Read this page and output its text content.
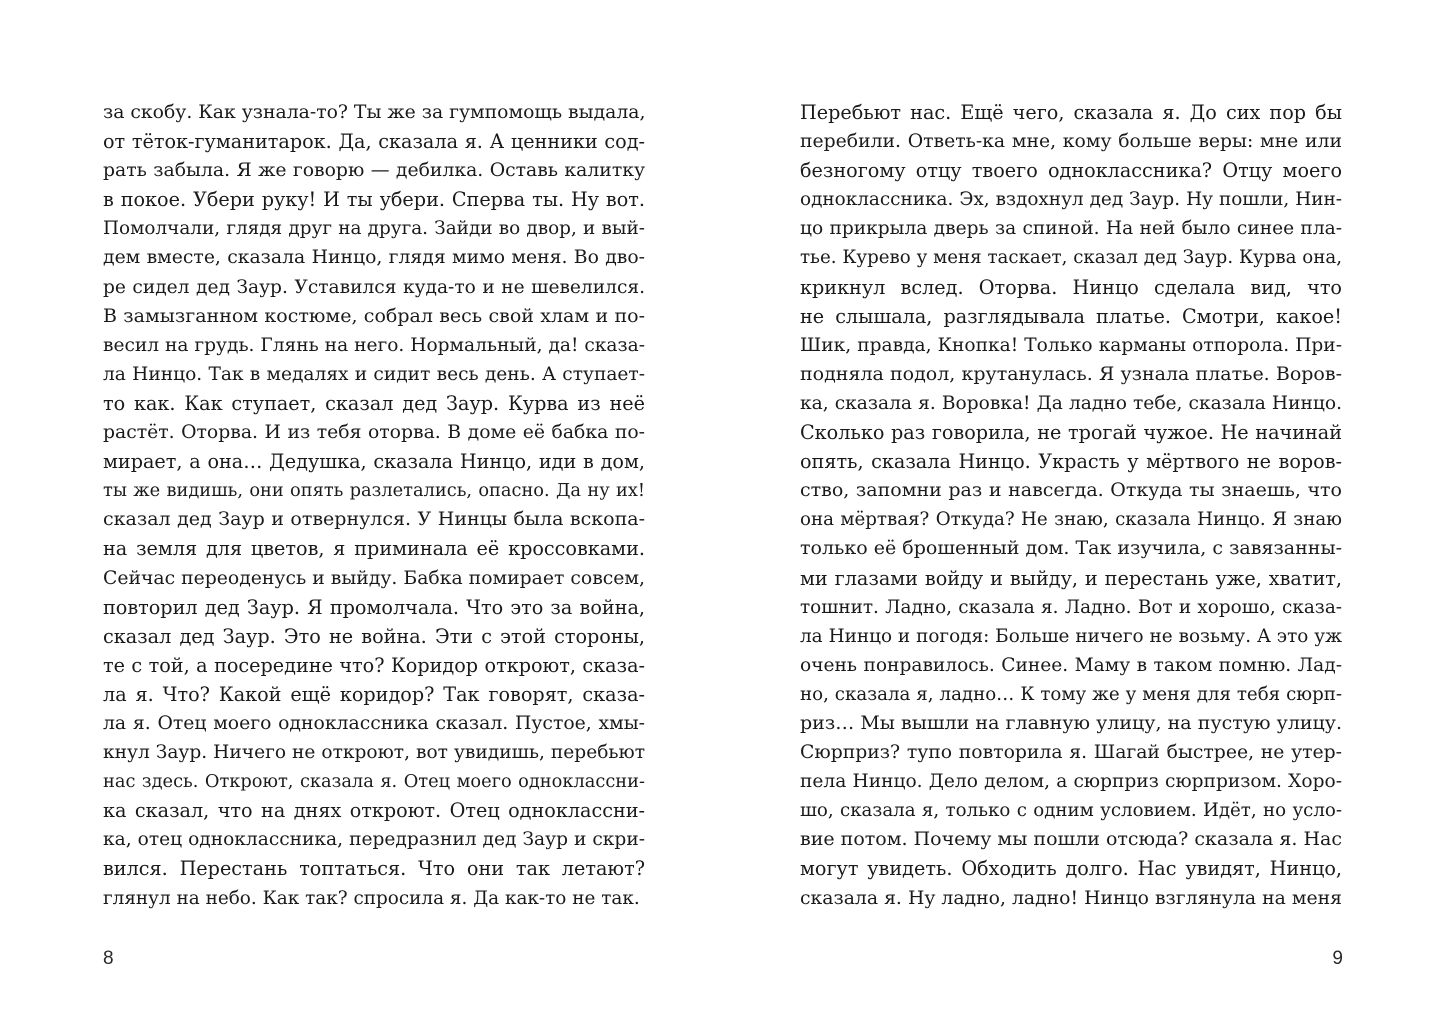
за скобу. Как узнала-то? Ты же за гумпомощь выдала,
от тёток-гуманитарок. Да, сказала я. А ценники сод-
рать забыла. Я же говорю — дебилка. Оставь калитку
в покое. Убери руку! И ты убери. Сперва ты. Ну вот.
Помолчали, глядя друг на друга. Зайди во двор, и вый-
дем вместе, сказала Нинцо, глядя мимо меня. Во дво-
ре сидел дед Заур. Уставился куда-то и не шевелился.
В замызганном костюме, собрал весь свой хлам и по-
весил на грудь. Глянь на него. Нормальный, да! сказа-
ла Нинцо. Так в медалях и сидит весь день. А ступает-
то как. Как ступает, сказал дед Заур. Курва из неё
растёт. Оторва. И из тебя оторва. В доме её бабка по-
мирает, а она… Дедушка, сказала Нинцо, иди в дом,
ты же видишь, они опять разлетались, опасно. Да ну их!
сказал дед Заур и отвернулся. У Нинцы была вскопа-
на земля для цветов, я приминала её кроссовками.
Сейчас переоденусь и выйду. Бабка помирает совсем,
повторил дед Заур. Я промолчала. Что это за война,
сказал дед Заур. Это не война. Эти с этой стороны,
те с той, а посередине что? Коридор откроют, сказа-
ла я. Что? Какой ещё коридор? Так говорят, сказа-
ла я. Отец моего одноклассника сказал. Пустое, хмы-
кнул Заур. Ничего не откроют, вот увидишь, перебьют
нас здесь. Откроют, сказала я. Отец моего одноклассни-
ка сказал, что на днях откроют. Отец одноклассни-
ка, отец одноклассника, передразнил дед Заур и скри-
вился. Перестань топтаться. Что они так летают?
глянул на небо. Как так? спросила я. Да как-то не так.
8
Перебьют нас. Ещё чего, сказала я. До сих пор бы
перебили. Ответь-ка мне, кому больше веры: мне или
безногому отцу твоего одноклассника? Отцу моего
одноклассника. Эх, вздохнул дед Заур. Ну пошли, Нин-
цо прикрыла дверь за спиной. На ней было синее пла-
тье. Курево у меня таскает, сказал дед Заур. Курва она,
крикнул вслед. Оторва. Нинцо сделала вид, что
не слышала, разглядывала платье. Смотри, какое!
Шик, правда, Кнопка! Только карманы отпорола. При-
подняла подол, крутанулась. Я узнала платье. Воров-
ка, сказала я. Воровка! Да ладно тебе, сказала Нинцо.
Сколько раз говорила, не трогай чужое. Не начинай
опять, сказала Нинцо. Украсть у мёртвого не воров-
ство, запомни раз и навсегда. Откуда ты знаешь, что
она мёртвая? Откуда? Не знаю, сказала Нинцо. Я знаю
только её брошенный дом. Так изучила, с завязанны-
ми глазами войду и выйду, и перестань уже, хватит,
тошнит. Ладно, сказала я. Ладно. Вот и хорошо, сказа-
ла Нинцо и погодя: Больше ничего не возьму. А это уж
очень понравилось. Синее. Маму в таком помню. Лад-
но, сказала я, ладно… К тому же у меня для тебя сюрп-
риз… Мы вышли на главную улицу, на пустую улицу.
Сюрприз? тупо повторила я. Шагай быстрее, не утер-
пела Нинцо. Дело делом, а сюрприз сюрпризом. Хоро-
шо, сказала я, только с одним условием. Идёт, но усло-
вие потом. Почему мы пошли отсюда? сказала я. Нас
могут увидеть. Обходить долго. Нас увидят, Нинцо,
сказала я. Ну ладно, ладно! Нинцо взглянула на меня
9
